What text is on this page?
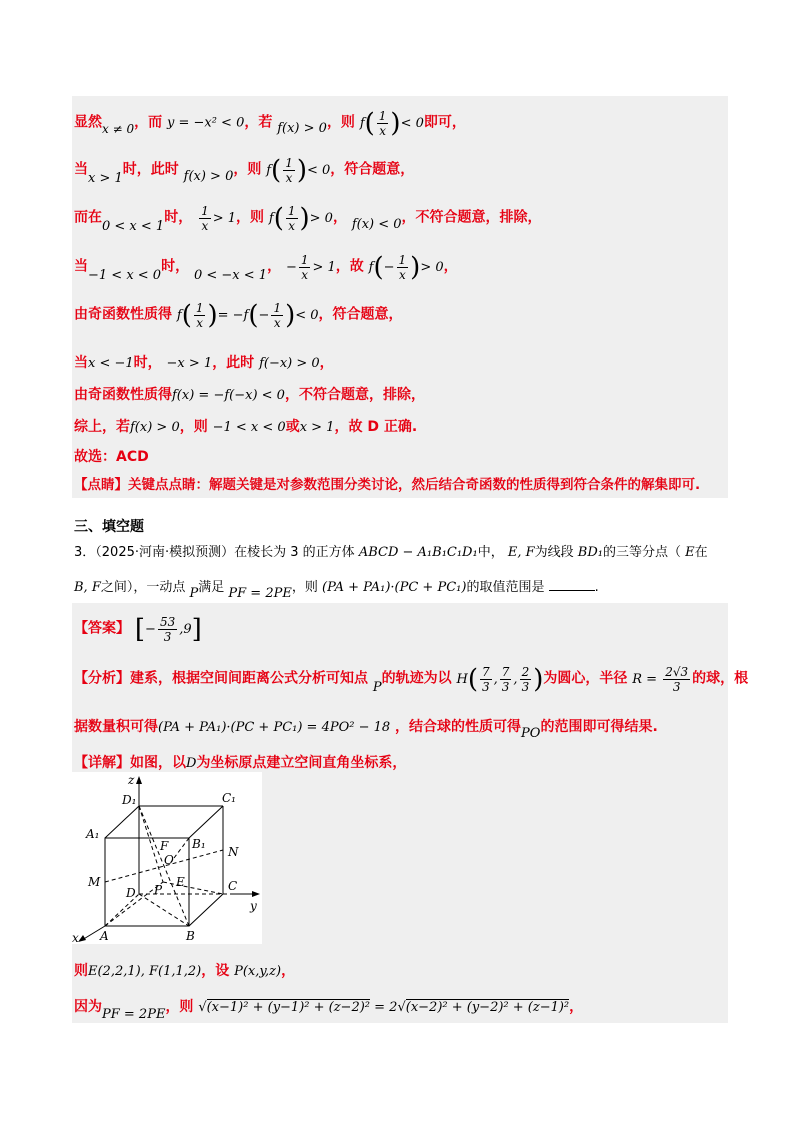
显然x ≠ 0，而 y = −x² < 0，若 f(x) > 0，则 $f( \frac{1}{x}$ )< 0即可，
当x > 1时，此时 f(x) > 0，则 $f( \frac{1}{x}$ )< 0，符合题意，
而在0 < x < 1时， $\frac{1}{x} > 1$，则 $f( \frac{1}{x}$ )> 0， f(x) < 0，不符合题意，排除，
当−1 < x < 0时， 0 < −x < 1， − $\frac{1}{x} > 1$，故 $f(- \frac{1}{x}$ )> 0，
由奇函数性质得 $f( \frac{1}{x}$ )= $-f(- \frac{1}{x}$ )< 0，符合题意，
当x < −1时， −x > 1，此时 f(−x) > 0，
由奇函数性质得f(x) = −f(−x) < 0，不符合题意，排除，
综上，若f(x) > 0，则 −1 < x < 0或x > 1，故 D 正确.
故选：ACD
【点睛】关键点点睛：解题关键是对参数范围分类讨论，然后结合奇函数的性质得到符合条件的解集即可.
三、填空题
3．（2025·河南·模拟预测）在棱长为 3 的正方体 ABCD − A₁B₁C₁D₁中， E, F为线段 BD₁的三等分点（ E在
B, F之间），一动点 P满足 PF = 2PE，则 (PA + PA₁)·(PC + PC₁)的取值范围是	.
【答案】 [− $\frac{53}{3} ,9$]
【分析】建系，根据空间间距离公式分析可知点 P的轨迹为以 $H( \frac{7}{3}$ , $\frac{7}{3}$ , $\frac{2}{3}$ )为圆心，半径 $R = \frac{2√3}{3}$ 的球，根
据数量积可得(PA + PA₁)·(PC + PC₁) = 4PO² − 18 ，结合球的性质可得PO的范围即可得结果.
【详解】如图，以D为坐标原点建立空间直角坐标系，
z
y
x
D₁	C₁
A₁
B₁
F
O
N
M
D P
E	C
A	B
则E(2,2,1), F(1,1,2)，设 P(x,y,z)，
因为PF = 2PE，则 √(x−1)² + (y−1)² + (z−2)² = 2√(x−2)² + (y−2)² + (z−1)²，
